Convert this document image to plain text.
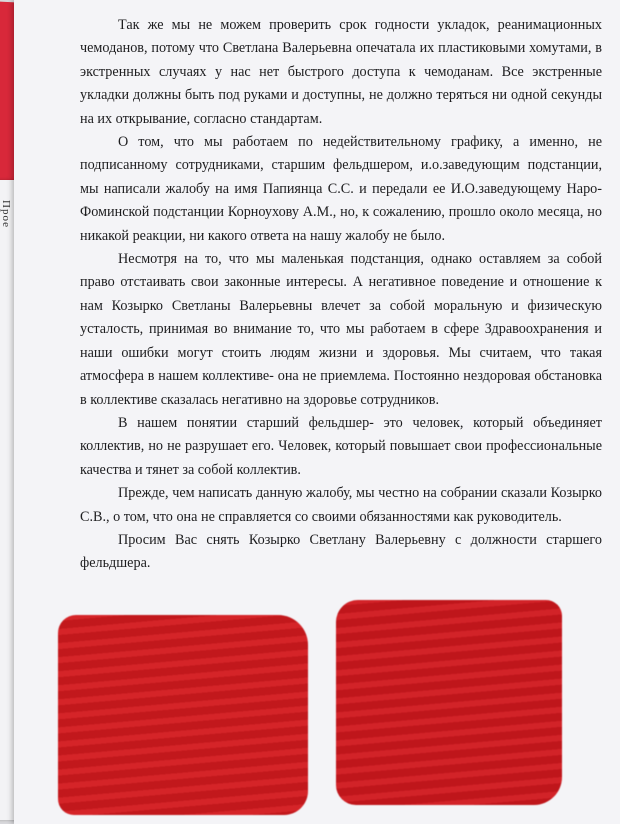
Прое

Так же мы не можем проверить срок годности укладок, реанимационных чемоданов, потому что Светлана Валерьевна опечатала их пластиковыми хомутами, в экстренных случаях у нас нет быстрого доступа к чемоданам. Все экстренные укладки должны быть под руками и доступны, не должно теряться ни одной секунды на их открывание, согласно стандартам.

О том, что мы работаем по недействительному графику, а именно, не подписанному сотрудниками, старшим фельдшером, и.о.заведующим подстанции, мы написали жалобу на имя Папиянца С.С. и передали ее И.О.заведующему Наро-Фоминской подстанции Корноухову А.М., но, к сожалению, прошло около месяца, но никакой реакции, ни какого ответа на нашу жалобу не было.

Несмотря на то, что мы маленькая подстанция, однако оставляем за собой право отстаивать свои законные интересы. А негативное поведение и отношение к нам Козырко Светланы Валерьевны влечет за собой моральную и физическую усталость, принимая во внимание то, что мы работаем в сфере Здравоохранения и наши ошибки могут стоить людям жизни и здоровья. Мы считаем, что такая атмосфера в нашем коллективе- она не приемлема. Постоянно нездоровая обстановка в коллективе сказалась негативно на здоровье сотрудников.

В нашем понятии старший фельдшер- это человек, который объединяет коллектив, но не разрушает его. Человек, который повышает свои профессиональные качества и тянет за собой коллектив.

Прежде, чем написать данную жалобу, мы честно на собрании сказали Козырко С.В., о том, что она не справляется со своими обязанностями как руководитель.

Просим Вас снять Козырко Светлану Валерьевну с должности старшего фельдшера.
